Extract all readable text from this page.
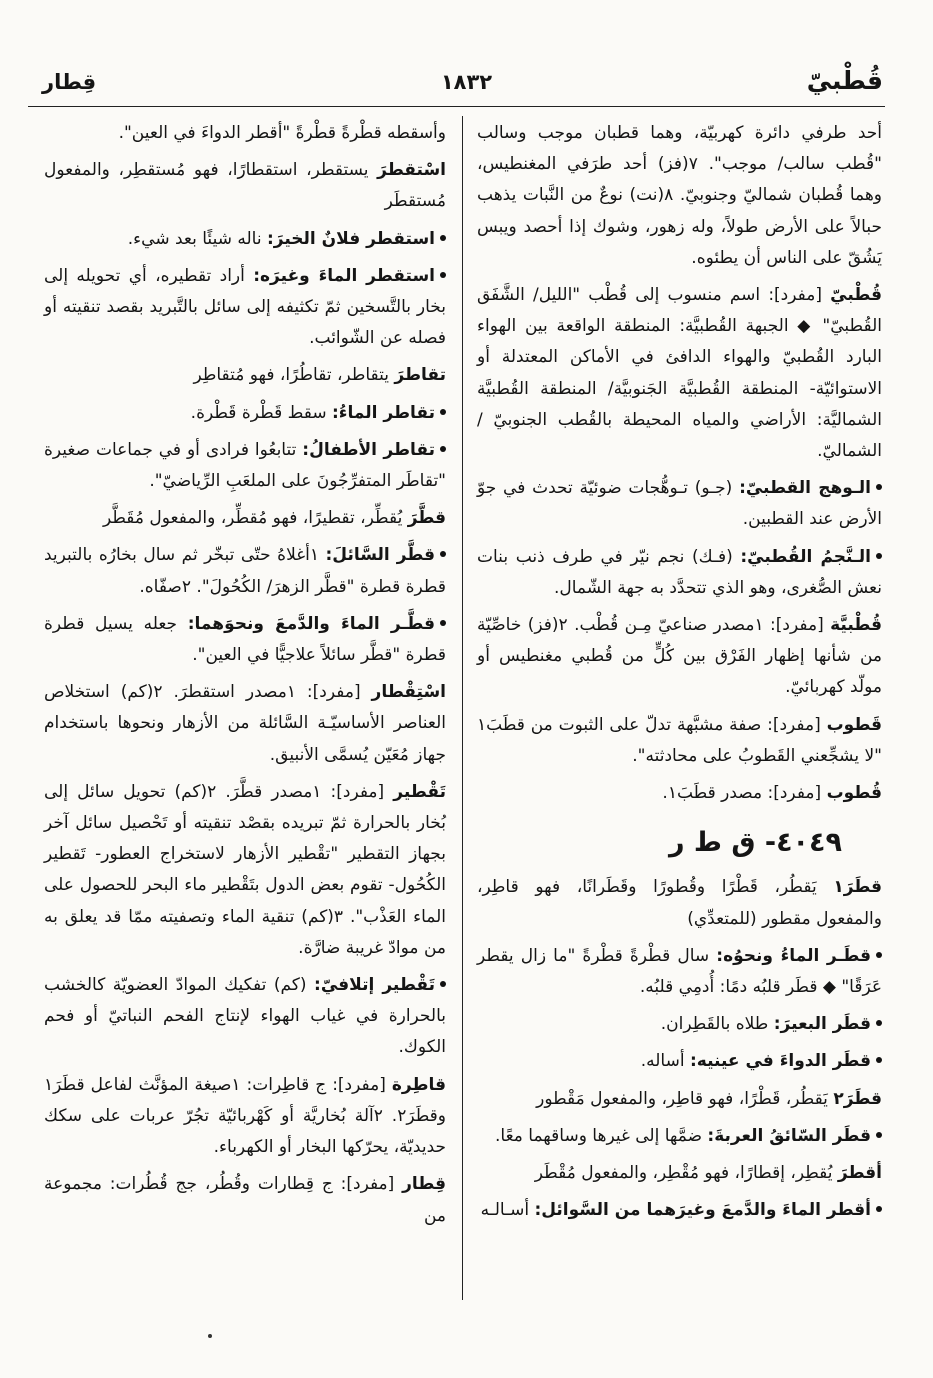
قُطْبيّ
١٨٣٢
قِطار

أحد طرفي دائرة كهربيّة، وهما قطبان موجب وسالب "قُطب سالب/ موجب". ٧(فز) أحد طرَفي المغنطيس، وهما قُطبان شماليّ وجنوبيّ. ٨(نت) نوعٌ من النَّبات يذهب حبالاً على الأرض طولاً، وله زهور، وشوك إذا أحصد ويبس يَشُقّ على الناس أن يطئوه.

قُطْبيّ [مفرد]: اسم منسوب إلى قُطْب "الليل/ الشَّفَق القُطبيّ" ◆ الجبهة القُطبيَّة: المنطقة الواقعة بين الهواء البارد القُطبيّ والهواء الدافئ في الأماكن المعتدلة أو الاستوائيّة- المنطقة القُطبيَّة الجَنوبيَّة/ المنطقة القُطبيَّة الشماليَّة: الأراضي والمياه المحيطة بالقُطب الجنوبيّ / الشماليّ.

الـوهج القطبيّ: (جـو) تـوهُّجات ضوئيّة تحدث في جوّ الأرض عند القطبين.

الـنَّجمُ القُطبيّ: (فـك) نجم نيّر في طرف ذنب بنات نعش الصُّغرى، وهو الذي تتحدَّد به جهة الشّمال.

قُطْبيَّة [مفرد]: ١مصدر صناعيّ مِـن قُطْب. ٢(فز) خاصِّيّة من شأنها إظهار الفَرْق بين كُلٍّ من قُطبي مغنطيس أو مولّد كهربائيّ.

قَطوب [مفرد]: صفة مشبَّهة تدلّ على الثبوت من قطَبَ١ "لا يشجِّعني القَطوبُ على محادثته".

قُطوب [مفرد]: مصدر قطَبَ١.

٤٠٤٩- ق ط ر

قطَرَ١ يَقطُر، قَطْرًا وقُطورًا وقَطَرانًا، فهو قاطِر، والمفعول مقطور (للمتعدِّي)

قطَـر الماءُ ونحوُه: سال قطْرةً قطْرةً "ما زال يقطر عَرَقًا" ◆ قطَر قلبُه دمًا: أُدمِي قلبُه.

قطَر البعيرَ: طلاه بالقَطِران.

قطَر الدواءَ في عينيه: أساله.

قطَرَ٢ يَقطُر، قَطْرًا، فهو قاطِر، والمفعول مَقْطور

قطَر السّائقُ العربةَ: ضمَّها إلى غيرها وساقهما معًا.

أقطرَ يُقطِر، إقطارًا، فهو مُقْطِر، والمفعول مُقْطَر

أقطر الماءَ والدَّمعَ وغيرَهما من السَّوائل: أسـالـه

وأسقطه قطْرةً قطْرةً "أقطر الدواءَ في العين".

اسْتقطرَ يستقطر، استقطارًا، فهو مُستقطِر، والمفعول مُستقطَر

استقطر فلانٌ الخيرَ: ناله شيئًا بعد شيء.

استقطر الماءَ وغيرَه: أراد تقطيره، أي تحويله إلى بخار بالتَّسخين ثمّ تكثيفه إلى سائل بالتَّبريد بقصد تنقيته أو فصله عن الشّوائب.

تقاطرَ يتقاطر، تقاطُرًا، فهو مُتقاطِر

تقاطر الماءُ: سقط قَطْرة قَطْرة.

تقاطر الأطفالُ: تتابعُوا فرادى أو في جماعات صغيرة "تقاطَر المتفرِّجُونَ على الملعَبِ الرِّياضيّ".

قطَّرَ يُقطِّر، تقطيرًا، فهو مُقطِّر، والمفعول مُقَطَّر

قطَّر السَّائلَ: ١أغلاهُ حتّى تبخّر ثم سال بخارُه بالتبريد قطرة قطرة "قطَّر الزهرَ/ الكُحُولَ". ٢صفّاه.

قطَّـر الماءَ والدَّمعَ ونحوَهما: جعله يسيل قطرة قطرة "قطَّر سائلاً علاجيًّا في العين".

اسْتِقْطار [مفرد]: ١مصدر استقطرَ. ٢(كم) استخلاص العناصر الأساسيّـة السَّائلة من الأزهار ونحوها باستخدام جهاز مُعَيّن يُسمَّى الأنبيق.

تَقْطير [مفرد]: ١مصدر قطَّرَ. ٢(كم) تحويل سائل إلى بُخار بالحرارة ثمّ تبريده بقصْد تنقيته أو تَحْصيل سائل آخر بجهاز التقطير "تقْطير الأزهار لاستخراج العطور- تَقطير الكُحُول- تقوم بعض الدول بتَقْطير ماء البحر للحصول على الماء العَذْب". ٣(كم) تنقية الماء وتصفيته ممّا قد يعلق به من موادّ غريبة ضارَّة.

تَقْطير إتلافيّ: (كم) تفكيك الموادّ العضويّة كالخشب بالحرارة في غياب الهواء لإنتاج الفحم النباتيّ أو فحم الكوك.

قاطِرة [مفرد]: ج قاطِرات: ١صيغة المؤنَّث لفاعل قطَرَ١ وقطَرَ٢. ٢آلة بُخاريَّة أو كَهْربائيّة تجُرّ عربات على سكك حديديّة، يحرّكها البخار أو الكهرباء.

قِطار [مفرد]: ج قِطارات وقُطُر، جج قُطُرات: مجموعة من
